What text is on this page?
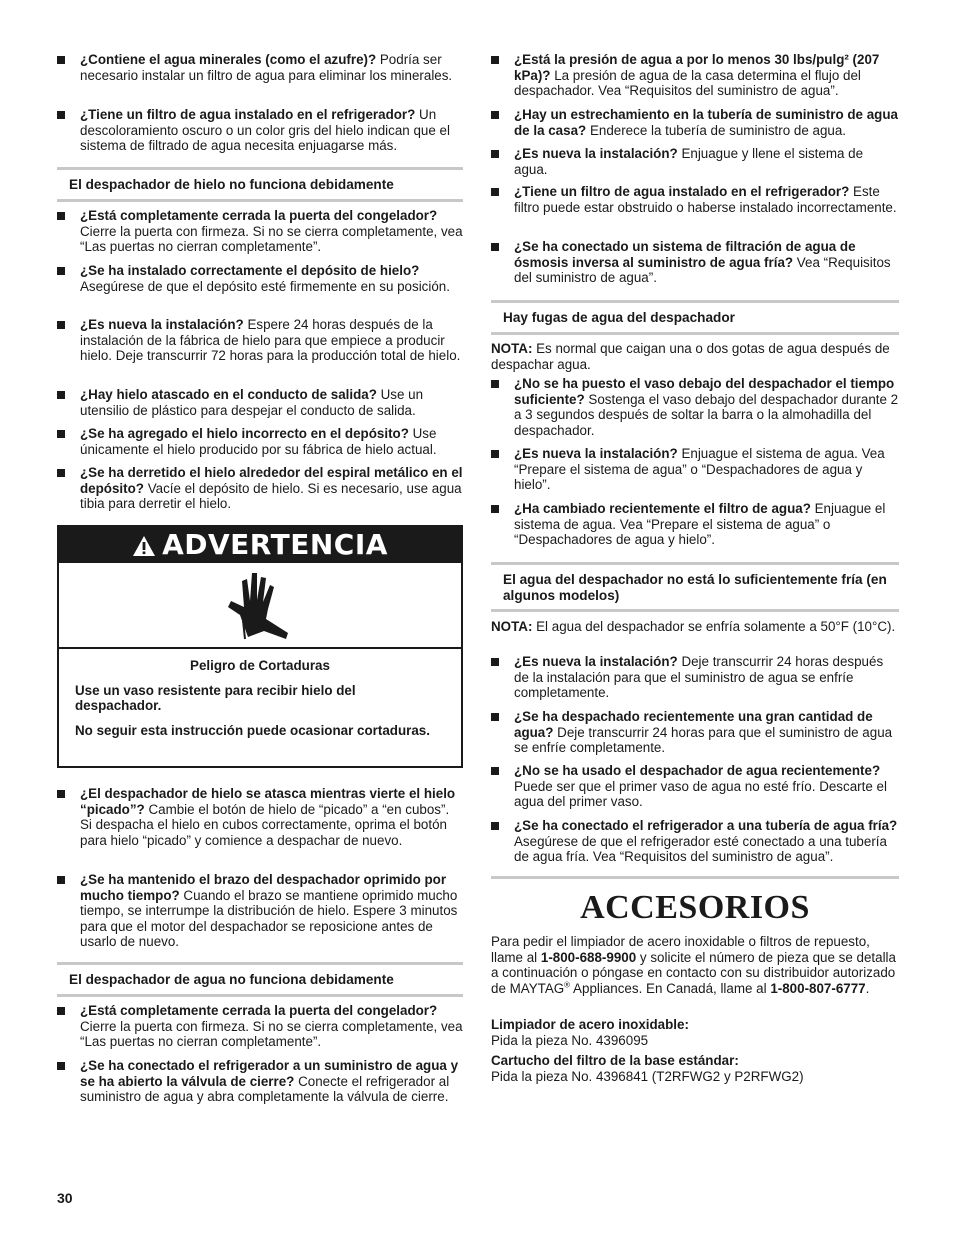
¿Contiene el agua minerales (como el azufre)? Podría ser necesario instalar un filtro de agua para eliminar los minerales.
¿Tiene un filtro de agua instalado en el refrigerador? Un descoloramiento oscuro o un color gris del hielo indican que el sistema de filtrado de agua necesita enjuagarse más.
El despachador de hielo no funciona debidamente
¿Está completamente cerrada la puerta del congelador? Cierre la puerta con firmeza. Si no se cierra completamente, vea “Las puertas no cierran completamente”.
¿Se ha instalado correctamente el depósito de hielo? Asegúrese de que el depósito esté firmemente en su posición.
¿Es nueva la instalación? Espere 24 horas después de la instalación de la fábrica de hielo para que empiece a producir hielo. Deje transcurrir 72 horas para la producción total de hielo.
¿Hay hielo atascado en el conducto de salida? Use un utensilio de plástico para despejar el conducto de salida.
¿Se ha agregado el hielo incorrecto en el depósito? Use únicamente el hielo producido por su fábrica de hielo actual.
¿Se ha derretido el hielo alrededor del espiral metálico en el depósito? Vacíe el depósito de hielo. Si es necesario, use agua tibia para derretir el hielo.
ADVERTENCIA
Peligro de Cortaduras
Use un vaso resistente para recibir hielo del despachador.
No seguir esta instrucción puede ocasionar cortaduras.
¿El despachador de hielo se atasca mientras vierte el hielo “picado”? Cambie el botón de hielo de “picado” a “en cubos”. Si despacha el hielo en cubos correctamente, oprima el botón para hielo “picado” y comience a despachar de nuevo.
¿Se ha mantenido el brazo del despachador oprimido por mucho tiempo? Cuando el brazo se mantiene oprimido mucho tiempo, se interrumpe la distribución de hielo. Espere 3 minutos para que el motor del despachador se reposicione antes de usarlo de nuevo.
El despachador de agua no funciona debidamente
¿Está completamente cerrada la puerta del congelador? Cierre la puerta con firmeza. Si no se cierra completamente, vea “Las puertas no cierran completamente”.
¿Se ha conectado el refrigerador a un suministro de agua y se ha abierto la válvula de cierre? Conecte el refrigerador al suministro de agua y abra completamente la válvula de cierre.
¿Está la presión de agua a por lo menos 30 lbs/pulg² (207 kPa)? La presión de agua de la casa determina el flujo del despachador. Vea “Requisitos del suministro de agua”.
¿Hay un estrechamiento en la tubería de suministro de agua de la casa? Enderece la tubería de suministro de agua.
¿Es nueva la instalación? Enjuague y llene el sistema de agua.
¿Tiene un filtro de agua instalado en el refrigerador? Este filtro puede estar obstruido o haberse instalado incorrectamente.
¿Se ha conectado un sistema de filtración de agua de ósmosis inversa al suministro de agua fría? Vea “Requisitos del suministro de agua”.
Hay fugas de agua del despachador
NOTA: Es normal que caigan una o dos gotas de agua después de despachar agua.
¿No se ha puesto el vaso debajo del despachador el tiempo suficiente? Sostenga el vaso debajo del despachador durante 2 a 3 segundos después de soltar la barra o la almohadilla del despachador.
¿Es nueva la instalación? Enjuague el sistema de agua. Vea “Prepare el sistema de agua” o “Despachadores de agua y hielo”.
¿Ha cambiado recientemente el filtro de agua? Enjuague el sistema de agua. Vea “Prepare el sistema de agua” o “Despachadores de agua y hielo”.
El agua del despachador no está lo suficientemente fría (en algunos modelos)
NOTA: El agua del despachador se enfría solamente a 50°F (10°C).
¿Es nueva la instalación? Deje transcurrir 24 horas después de la instalación para que el suministro de agua se enfríe completamente.
¿Se ha despachado recientemente una gran cantidad de agua? Deje transcurrir 24 horas para que el suministro de agua se enfríe completamente.
¿No se ha usado el despachador de agua recientemente? Puede ser que el primer vaso de agua no esté frío. Descarte el agua del primer vaso.
¿Se ha conectado el refrigerador a una tubería de agua fría? Asegúrese de que el refrigerador esté conectado a una tubería de agua fría. Vea “Requisitos del suministro de agua”.
ACCESORIOS
Para pedir el limpiador de acero inoxidable o filtros de repuesto, llame al 1-800-688-9900 y solicite el número de pieza que se detalla a continuación o póngase en contacto con su distribuidor autorizado de MAYTAG® Appliances. En Canadá, llame al 1-800-807-6777.
Limpiador de acero inoxidable:
Pida la pieza No. 4396095
Cartucho del filtro de la base estándar:
Pida la pieza No. 4396841 (T2RFWG2 y P2RFWG2)
30
